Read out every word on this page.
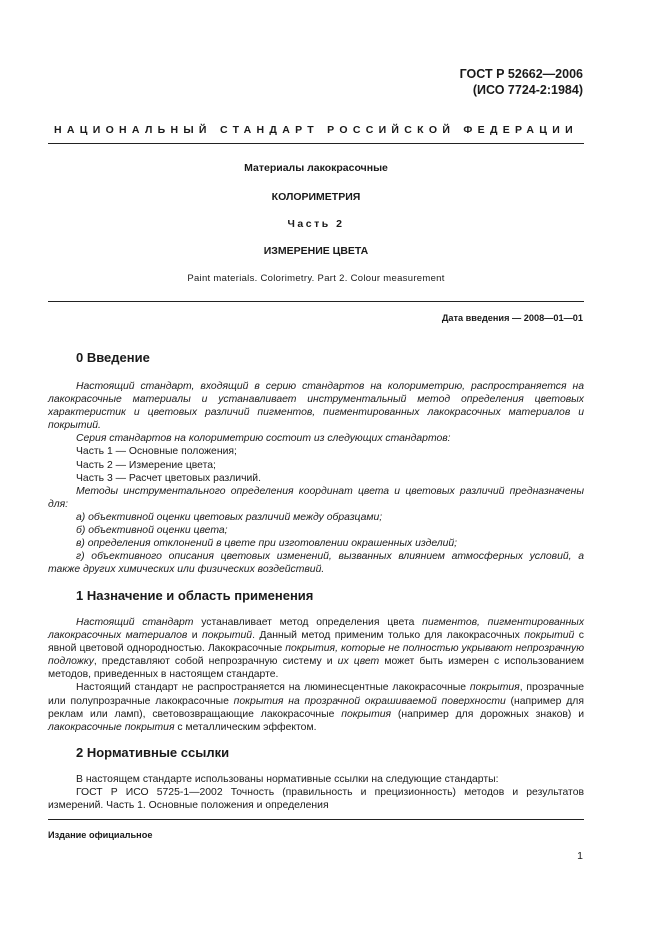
ГОСТ Р 52662—2006
(ИСО 7724-2:1984)
НАЦИОНАЛЬНЫЙ СТАНДАРТ РОССИЙСКОЙ ФЕДЕРАЦИИ
Материалы лакокрасочные
КОЛОРИМЕТРИЯ
Часть 2
ИЗМЕРЕНИЕ ЦВЕТА
Paint materials. Colorimetry. Part 2. Colour measurement
Дата введения — 2008—01—01
0 Введение

Настоящий стандарт, входящий в серию стандартов на колориметрию, распространяется на лакокрасочные материалы и устанавливает инструментальный метод определения цветовых характеристик и цветовых различий пигментов, пигментированных лакокрасочных материалов и покрытий.

Серия стандартов на колориметрию состоит из следующих стандартов:

Часть 1 — Основные положения;

Часть 2 — Измерение цвета;

Часть 3 — Расчет цветовых различий.

Методы инструментального определения координат цвета и цветовых различий предназначены для:

а) объективной оценки цветовых различий между образцами;

б) объективной оценки цвета;

в) определения отклонений в цвете при изготовлении окрашенных изделий;

г) объективного описания цветовых изменений, вызванных влиянием атмосферных условий, а также других химических или физических воздействий.

1 Назначение и область применения

Настоящий стандарт устанавливает метод определения цвета пигментов, пигментированных лакокрасочных материалов и покрытий. Данный метод применим только для лакокрасочных покрытий с явной цветовой однородностью. Лакокрасочные покрытия, которые не полностью укрывают непрозрачную подложку, представляют собой непрозрачную систему и их цвет может быть измерен с использованием методов, приведенных в настоящем стандарте.

Настоящий стандарт не распространяется на люминесцентные лакокрасочные покрытия, прозрачные или полупрозрачные лакокрасочные покрытия на прозрачной окрашиваемой поверхности (например для реклам или ламп), световозвращающие лакокрасочные покрытия (например для дорожных знаков) и лакокрасочные покрытия с металлическим эффектом.

2 Нормативные ссылки

В настоящем стандарте использованы нормативные ссылки на следующие стандарты:

ГОСТ Р ИСО 5725-1—2002 Точность (правильность и прецизионность) методов и результатов измерений. Часть 1. Основные положения и определения

Издание официальное
1
